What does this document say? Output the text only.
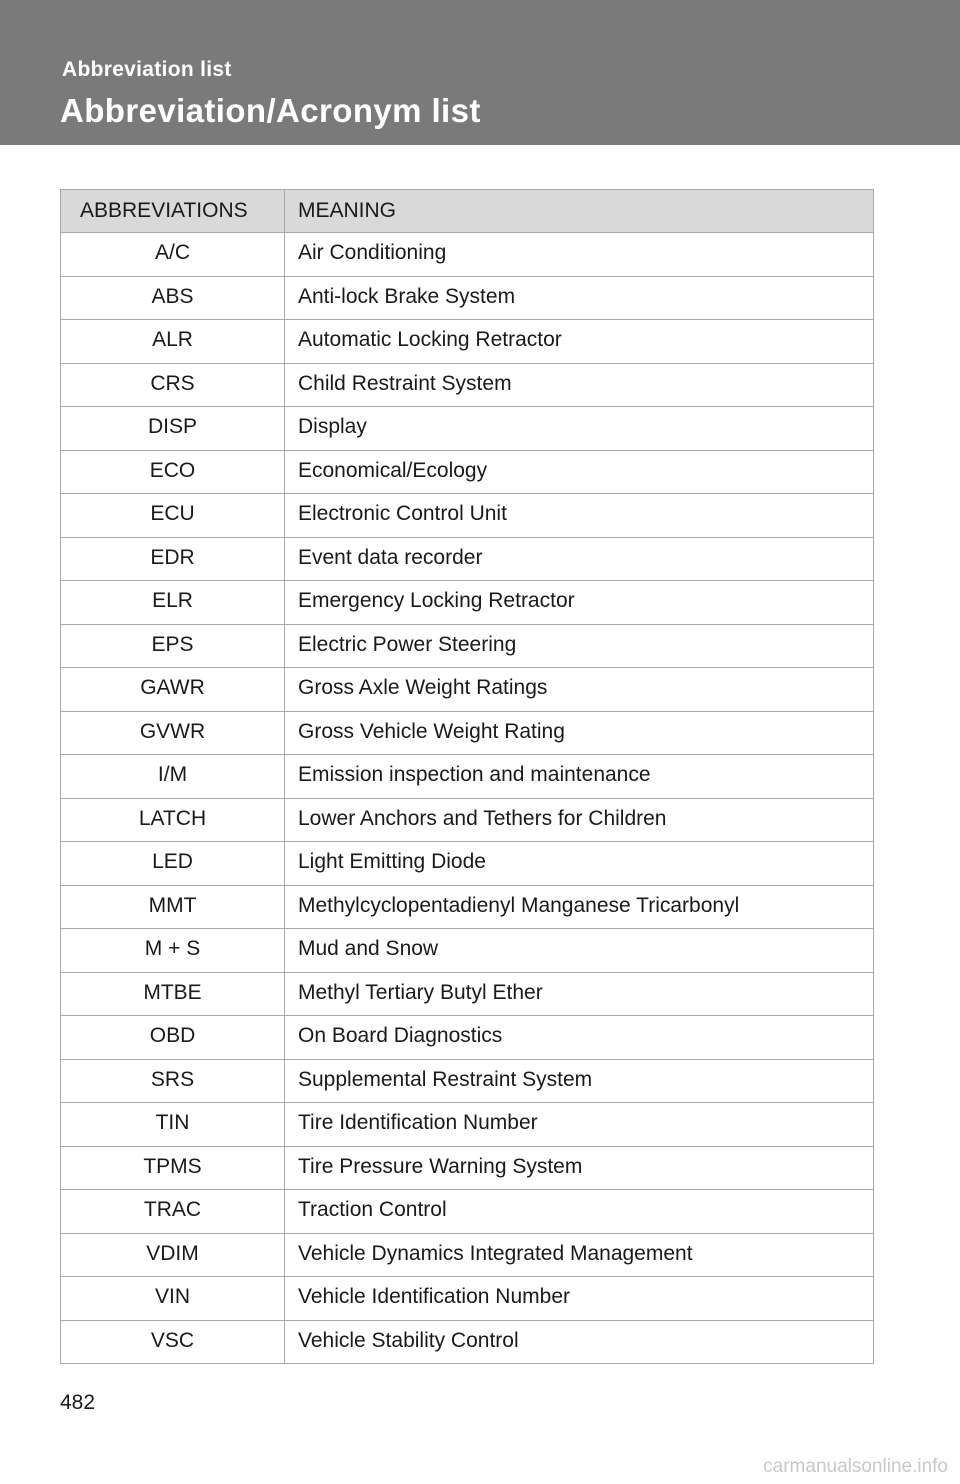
Abbreviation list
Abbreviation/Acronym list
ABBREVIATIONS	MEANING
A/C	Air Conditioning
ABS	Anti-lock Brake System
ALR	Automatic Locking Retractor
CRS	Child Restraint System
DISP	Display
ECO	Economical/Ecology
ECU	Electronic Control Unit
EDR	Event data recorder
ELR	Emergency Locking Retractor
EPS	Electric Power Steering
GAWR	Gross Axle Weight Ratings
GVWR	Gross Vehicle Weight Rating
I/M	Emission inspection and maintenance
LATCH	Lower Anchors and Tethers for Children
LED	Light Emitting Diode
MMT	Methylcyclopentadienyl Manganese Tricarbonyl
M + S	Mud and Snow
MTBE	Methyl Tertiary Butyl Ether
OBD	On Board Diagnostics
SRS	Supplemental Restraint System
TIN	Tire Identification Number
TPMS	Tire Pressure Warning System
TRAC	Traction Control
VDIM	Vehicle Dynamics Integrated Management
VIN	Vehicle Identification Number
VSC	Vehicle Stability Control
482
carmanualsonline.info
